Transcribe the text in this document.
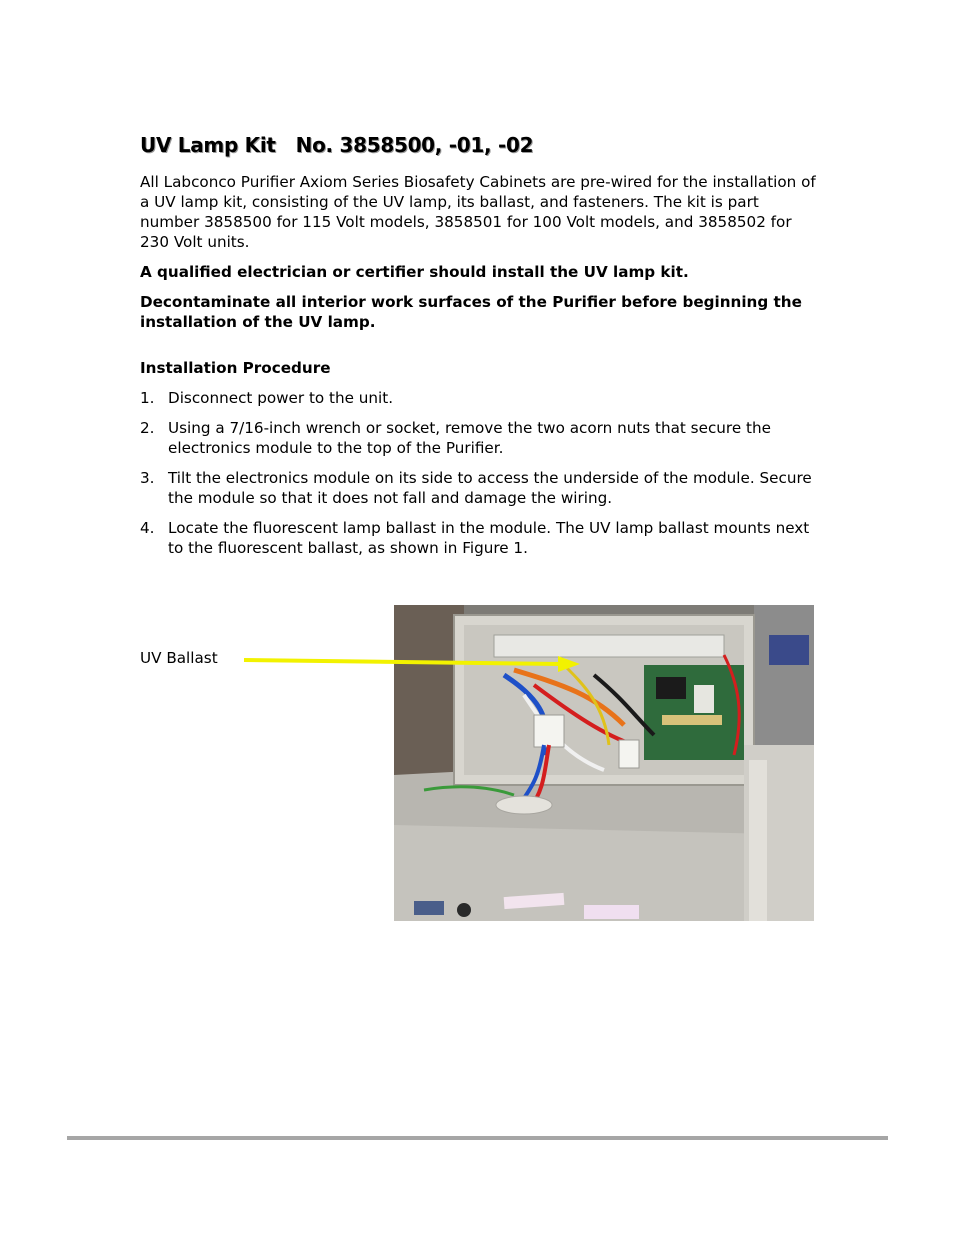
UV Lamp Kit   No. 3858500, -01, -02

All Labconco Purifier Axiom Series Biosafety Cabinets are pre-wired for the installation of a UV lamp kit, consisting of the UV lamp, its ballast, and fasteners. The kit is part number 3858500 for 115 Volt models, 3858501 for 100 Volt models, and 3858502 for 230 Volt units.

A qualified electrician or certifier should install the UV lamp kit.

Decontaminate all interior work surfaces of the Purifier before beginning the installation of the UV lamp.

Installation Procedure
1. Disconnect power to the unit.
2. Using a 7/16-inch wrench or socket, remove the two acorn nuts that secure the electronics module to the top of the Purifier.
3. Tilt the electronics module on its side to access the underside of the module. Secure the module so that it does not fall and damage the wiring.
4. Locate the fluorescent lamp ballast in the module. The UV lamp ballast mounts next to the fluorescent ballast, as shown in Figure 1.
UV Ballast
